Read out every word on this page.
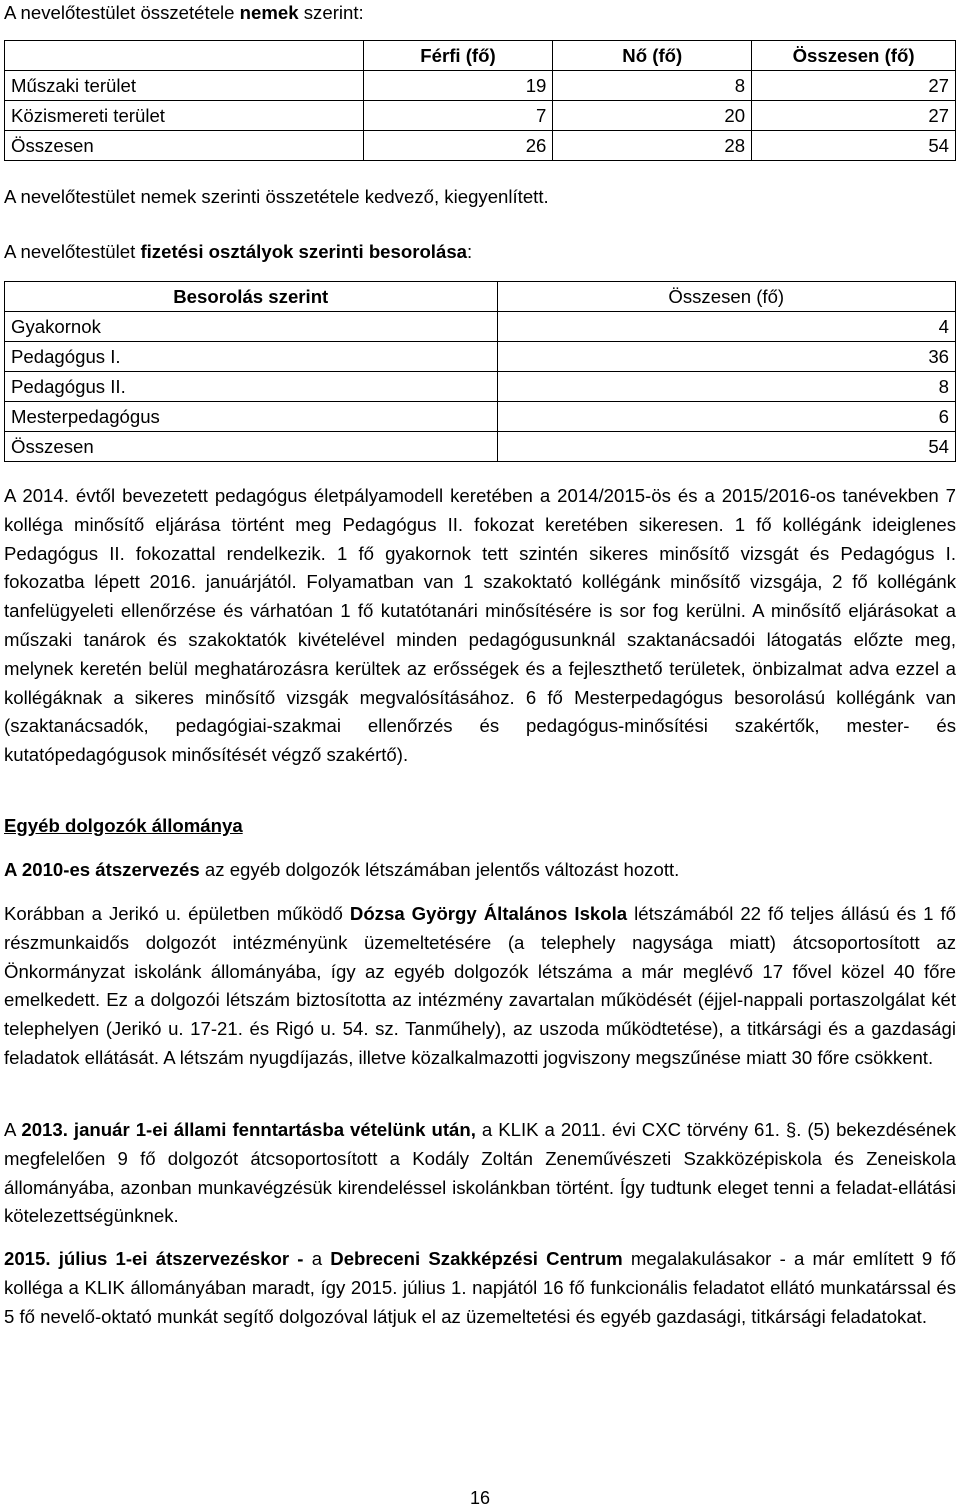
A nevelőtestület összetétele nemek szerint:
	Férfi (fő)	Nő (fő)	Összesen (fő)
Műszaki terület	19	8	27
Közismereti terület	7	20	27
Összesen	26	28	54
A nevelőtestület nemek szerinti összetétele kedvező, kiegyenlített.
A nevelőtestület fizetési osztályok szerinti besorolása:
Besorolás szerint	Összesen (fő)
Gyakornok	4
Pedagógus I.	36
Pedagógus II.	8
Mesterpedagógus	6
Összesen	54

A 2014. évtől bevezetett pedagógus életpályamodell keretében a 2014/2015-ös és a 2015/2016-os tanévekben 7 kolléga minősítő eljárása történt meg Pedagógus II. fokozat keretében sikeresen. 1 fő kollégánk ideiglenes Pedagógus II. fokozattal rendelkezik. 1 fő gyakornok tett szintén sikeres minősítő vizsgát és Pedagógus I. fokozatba lépett 2016. januárjától. Folyamatban van 1 szakoktató kollégánk minősítő vizsgája, 2 fő kollégánk tanfelügyeleti ellenőrzése és várhatóan 1 fő kutatótanári minősítésére is sor fog kerülni. A minősítő eljárásokat a műszaki tanárok és szakoktatók kivételével minden pedagógusunknál szaktanácsadói látogatás előzte meg, melynek keretén belül meghatározásra kerültek az erősségek és a fejleszthető területek, önbizalmat adva ezzel a kollégáknak a sikeres minősítő vizsgák megvalósításához. 6 fő Mesterpedagógus besorolású kollégánk van (szaktanácsadók, pedagógiai-szakmai ellenőrzés és pedagógus-minősítési szakértők, mester- és kutatópedagógusok minősítését végző szakértő).

Egyéb dolgozók állománya
A 2010-es átszervezés az egyéb dolgozók létszámában jelentős változást hozott.

Korábban a Jerikó u. épületben működő Dózsa György Általános Iskola létszámából 22 fő teljes állású és 1 fő részmunkaidős dolgozót intézményünk üzemeltetésére (a telephely nagysága miatt) átcsoportosított az Önkormányzat iskolánk állományába, így az egyéb dolgozók létszáma a már meglévő 17 fővel közel 40 főre emelkedett. Ez a dolgozói létszám biztosította az intézmény zavartalan működését (éjjel-nappali portaszolgálat két telephelyen (Jerikó u. 17-21. és Rigó u. 54. sz. Tanműhely), az uszoda működtetése), a titkársági és a gazdasági feladatok ellátását. A létszám nyugdíjazás, illetve közalkalmazotti jogviszony megszűnése miatt 30 főre csökkent.

A 2013. január 1-ei állami fenntartásba vételünk után, a KLIK a 2011. évi CXC törvény 61. §. (5) bekezdésének megfelelően 9 fő dolgozót átcsoportosított a Kodály Zoltán Zeneművészeti Szakközépiskola és Zeneiskola állományába, azonban munkavégzésük kirendeléssel iskolánkban történt. Így tudtunk eleget tenni a feladat-ellátási kötelezettségünknek.

2015. július 1-ei átszervezéskor - a Debreceni Szakképzési Centrum megalakulásakor - a már említett 9 fő kolléga a KLIK állományában maradt, így 2015. július 1. napjától 16 fő funkcionális feladatot ellátó munkatárssal és 5 fő nevelő-oktató munkát segítő dolgozóval látjuk el az üzemeltetési és egyéb gazdasági, titkársági feladatokat.

16
